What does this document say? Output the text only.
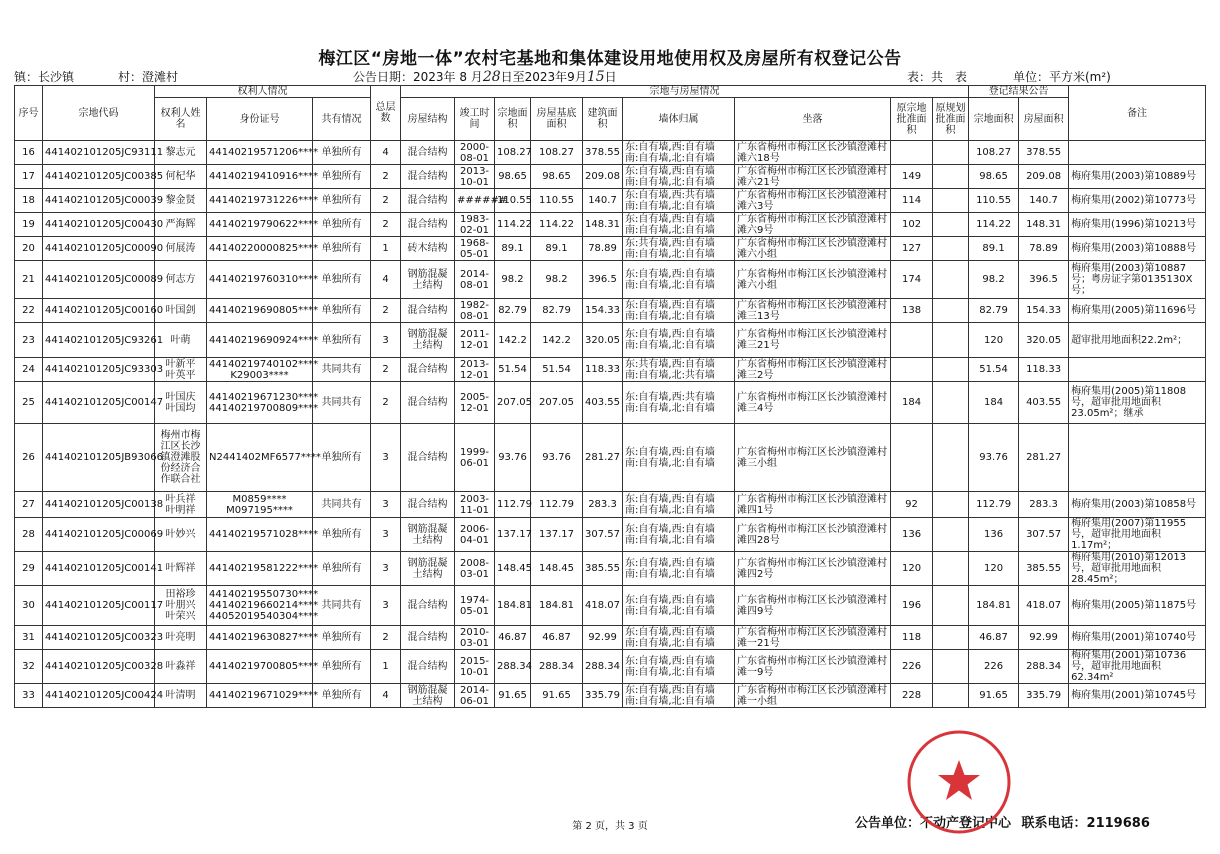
梅江区“房地一体”农村宅基地和集体建设用地使用权及房屋所有权登记公告
镇：长沙镇	村：澄滩村	公告日期：2023年 8 月28日至2023年9月15日	表：共　表	单位：平方米(m²)
序号	宗地代码	权利人情况			总层数	宗地与房屋情况									登记结果公告		备注
		权利人姓名	身份证号	共有情况		房屋结构	竣工时间	宗地面积	房屋基底面积	建筑面积	墙体归属	坐落	原宗地批准面积	原规划批准面积	宗地面积	房屋面积	
16	441402101205JC93111	黎志元	44140219571206****	单独所有	4	混合结构	2000-08-01	108.27	108.27	378.55	东:自有墙,西:自有墙
南:自有墙,北:自有墙	广东省梅州市梅江区长沙镇澄滩村滩六18号			108.27	378.55	
17	441402101205JC00385	何杞华	44140219410916****	单独所有	2	混合结构	2013-10-01	98.65	98.65	209.08	东:自有墙,西:自有墙
南:自有墙,北:自有墙	广东省梅州市梅江区长沙镇澄滩村滩六21号	149		98.65	209.08	梅府集用(2003)第10889号
18	441402101205JC00039	黎金贤	44140219731226****	单独所有	2	混合结构	######	110.55	110.55	140.7	东:自有墙,西:共有墙
南:自有墙,北:自有墙	广东省梅州市梅江区长沙镇澄滩村滩六3号	114		110.55	140.7	梅府集用(2002)第10773号
19	441402101205JC00430	严海辉	44140219790622****	单独所有	2	混合结构	1983-02-01	114.22	114.22	148.31	东:自有墙,西:自有墙
南:自有墙,北:自有墙	广东省梅州市梅江区长沙镇澄滩村滩六9号	102		114.22	148.31	梅府集用(1996)第10213号
20	441402101205JC00090	何展涛	44140220000825****	单独所有	1	砖木结构	1968-05-01	89.1	89.1	78.89	东:共有墙,西:自有墙
南:自有墙,北:自有墙	广东省梅州市梅江区长沙镇澄滩村滩六小组	127		89.1	78.89	梅府集用(2003)第10888号
21	441402101205JC00089	何志方	44140219760310****	单独所有	4	钢筋混凝土结构	2014-08-01	98.2	98.2	396.5	东:自有墙,西:自有墙
南:自有墙,北:自有墙	广东省梅州市梅江区长沙镇澄滩村滩六小组	174		98.2	396.5	梅府集用(2003)第10887号；粤房证字第0135130X号；
22	441402101205JC00160	叶国剑	44140219690805****	单独所有	2	混合结构	1982-08-01	82.79	82.79	154.33	东:自有墙,西:自有墙
南:自有墙,北:自有墙	广东省梅州市梅江区长沙镇澄滩村滩三13号	138		82.79	154.33	梅府集用(2005)第11696号
23	441402101205JC93261	叶萌	44140219690924****	单独所有	3	钢筋混凝土结构	2011-12-01	142.2	142.2	320.05	东:自有墙,西:自有墙
南:自有墙,北:自有墙	广东省梅州市梅江区长沙镇澄滩村滩三21号			120	320.05	超审批用地面积22.2m²；
24	441402101205JC93303	叶新平
叶英平	44140219740102****
K29003****	共同共有	2	混合结构	2013-12-01	51.54	51.54	118.33	东:共有墙,西:自有墙
南:自有墙,北:共有墙	广东省梅州市梅江区长沙镇澄滩村滩三2号			51.54	118.33	
25	441402101205JC00147	叶国庆
叶国均	44140219671230****
44140219700809****	共同共有	2	混合结构	2005-12-01	207.05	207.05	403.55	东:自有墙,西:共有墙
南:自有墙,北:自有墙	广东省梅州市梅江区长沙镇澄滩村滩三4号	184		184	403.55	梅府集用(2005)第11808号，超审批用地面积23.05m²；继承
26	441402101205JB93066	梅州市梅江区长沙镇澄滩股份经济合作联合社	N2441402MF6577****	单独所有	3	混合结构	1999-06-01	93.76	93.76	281.27	东:自有墙,西:自有墙
南:自有墙,北:自有墙	广东省梅州市梅江区长沙镇澄滩村滩三小组			93.76	281.27	
27	441402101205JC00138	叶兵祥
叶明祥	M0859****
M097195****	共同共有	3	混合结构	2003-11-01	112.79	112.79	283.3	东:自有墙,西:自有墙
南:自有墙,北:自有墙	广东省梅州市梅江区长沙镇澄滩村滩四1号	92		112.79	283.3	梅府集用(2003)第10858号
28	441402101205JC00069	叶妙兴	44140219571028****	单独所有	3	钢筋混凝土结构	2006-04-01	137.17	137.17	307.57	东:自有墙,西:自有墙
南:自有墙,北:自有墙	广东省梅州市梅江区长沙镇澄滩村滩四28号	136		136	307.57	梅府集用(2007)第11955号，超审批用地面积1.17m²；
29	441402101205JC00141	叶辉祥	44140219581222****	单独所有	3	钢筋混凝土结构	2008-03-01	148.45	148.45	385.55	东:自有墙,西:自有墙
南:自有墙,北:自有墙	广东省梅州市梅江区长沙镇澄滩村滩四2号	120		120	385.55	梅府集用(2010)第12013号，超审批用地面积28.45m²；
30	441402101205JC00117	田裕珍
叶朋兴
叶荣兴	44140219550730****
44140219660214****
44052019540304****	共同共有	3	混合结构	1974-05-01	184.81	184.81	418.07	东:自有墙,西:自有墙
南:自有墙,北:自有墙	广东省梅州市梅江区长沙镇澄滩村滩四9号	196		184.81	418.07	梅府集用(2005)第11875号
31	441402101205JC00323	叶亮明	44140219630827****	单独所有	2	混合结构	2010-03-01	46.87	46.87	92.99	东:自有墙,西:自有墙
南:自有墙,北:自有墙	广东省梅州市梅江区长沙镇澄滩村滩一21号	118		46.87	92.99	梅府集用(2001)第10740号
32	441402101205JC00328	叶淼祥	44140219700805****	单独所有	1	混合结构	2015-10-01	288.34	288.34	288.34	东:自有墙,西:自有墙
南:自有墙,北:自有墙	广东省梅州市梅江区长沙镇澄滩村滩一9号	226		226	288.34	梅府集用(2001)第10736号，超审批用地面积62.34m²
33	441402101205JC00424	叶清明	44140219671029****	单独所有	4	钢筋混凝土结构	2014-06-01	91.65	91.65	335.79	东:自有墙,西:自有墙
南:自有墙,北:自有墙	广东省梅州市梅江区长沙镇澄滩村滩一小组	228		91.65	335.79	梅府集用(2001)第10745号
第 2 页，共 3 页	公告单位：不动产登记中心 联系电话：2119686
